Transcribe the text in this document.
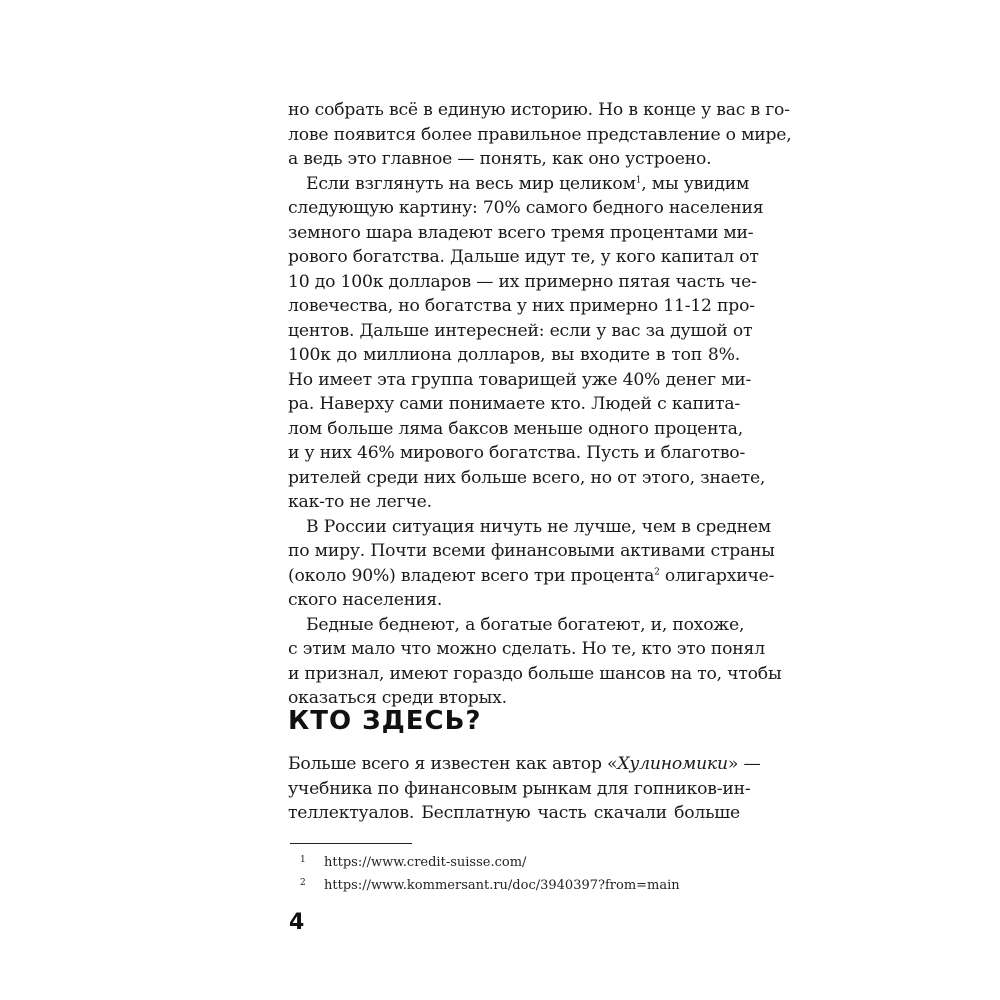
но собрать всё в единую историю. Но в конце у вас в го-
лове появится более правильное представление о мире,
а ведь это главное — понять, как оно устроено.
Если взглянуть на весь мир целиком$^1$, мы увидим
следующую картину: 70% самого бедного населения
земного шара владеют всего тремя процентами ми-
рового богатства. Дальше идут те, у кого капитал от
10 до 100к долларов — их примерно пятая часть че-
ловечества, но богатства у них примерно 11-12 про-
центов. Дальше интересней: если у вас за душой от
100к до миллиона долларов, вы входите в топ 8%.
Но имеет эта группа товарищей уже 40% денег ми-
ра. Наверху сами понимаете кто. Людей с капита-
лом больше ляма баксов меньше одного процента,
и у них 46% мирового богатства. Пусть и благотво-
рителей среди них больше всего, но от этого, знаете,
как-то не легче.
В России ситуация ничуть не лучше, чем в среднем
по миру. Почти всеми финансовыми активами страны
(около 90%) владеют всего три процента$^2$ олигархиче-
ского населения.
Бедные беднеют, а богатые богатеют, и, похоже,
с этим мало что можно сделать. Но те, кто это понял
и признал, имеют гораздо больше шансов на то, чтобы
оказаться среди вторых.
КТО ЗДЕСЬ?
Больше всего я известен как автор «Хулиномики» —
учебника по финансовым рынкам для гопников-ин-
теллектуалов. Бесплатную часть скачали больше
1	https://www.credit-suisse.com/
2	https://www.kommersant.ru/doc/3940397?from=main
4
